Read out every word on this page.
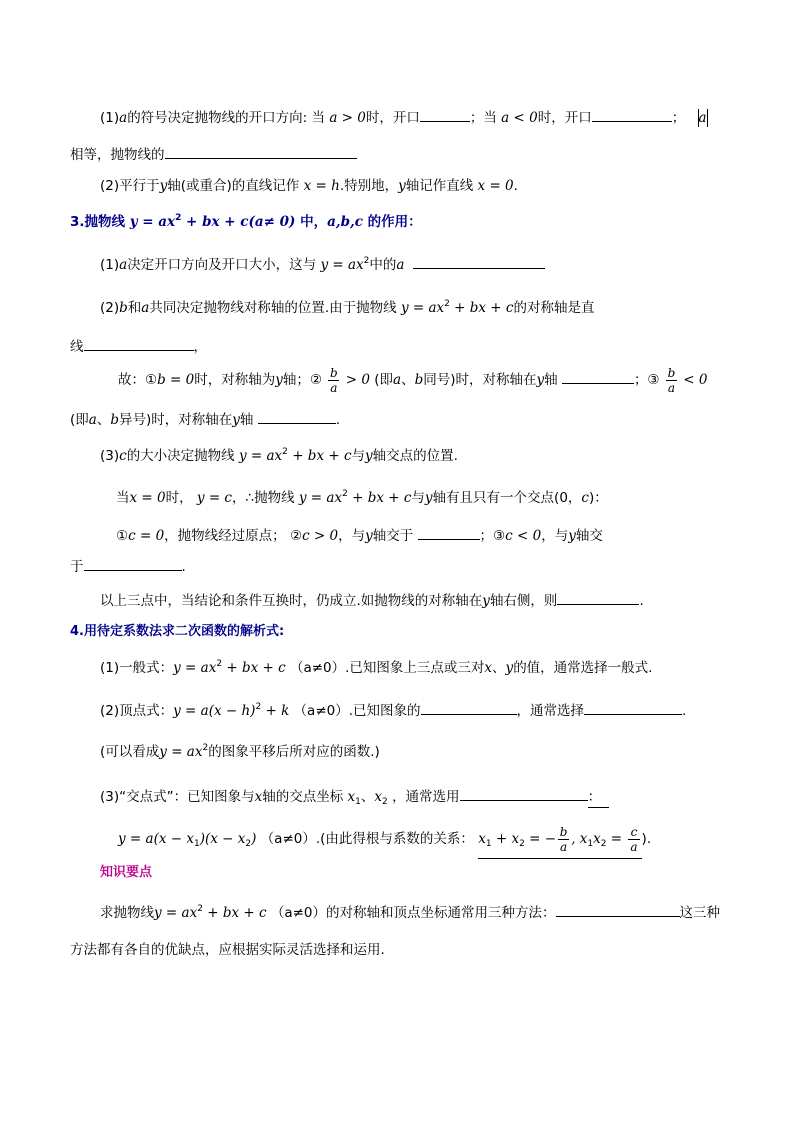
(1)a的符号决定抛物线的开口方向: 当 a > 0时，开口	；当 a < 0时，开口	； a
相等，抛物线的
(2)平行于y轴(或重合)的直线记作 x = h.特别地，y轴记作直线 x = 0.
3.抛物线 $y = ax^2$ + bx + c(a≠ 0) 中，a,b,c 的作用：
(1)a决定开口方向及开口大小，这与 $y = ax^2$中的a
(2)b和a共同决定抛物线对称轴的位置.由于抛物线 $y = ax^2$ + bx + c的对称轴是直
线	，
故：①b = 0时，对称轴为y轴；② $\frac{b}{a} > 0$ (即a、b同号)时，对称轴在y轴	；③ $\frac{b}{a} < 0$
(即a、b异号)时，对称轴在y轴	.
(3)c的大小决定抛物线 $y = ax^2$ + bx + c与y轴交点的位置.
当x = 0时， y = c，∴抛物线 $y = ax^2$ + bx + c与y轴有且只有一个交点(0，c)：
①c = 0，抛物线经过原点； ②c > 0，与y轴交于	；③c < 0，与y轴交
于	.
以上三点中，当结论和条件互换时，仍成立.如抛物线的对称轴在y轴右侧，则	.
4.用待定系数法求二次函数的解析式:
(1)一般式：$y = ax^2$ + bx + c （a≠0）.已知图象上三点或三对x、y的值，通常选择一般式.
(2)顶点式：$y = a(x - h)^2 + k$ （a≠0）.已知图象的	，通常选择	.
(可以看成$y = ax^2$的图象平移后所对应的函数.)
(3)“交点式”：已知图象与x轴的交点坐标 $x_1$、$x_2$ ，通常选用	：
$y = a(x - x_1)(x - x_2)$ （a≠0）.(由此得根与系数的关系： $x_1 + x_2$ = − $\frac{b}{a}$ , $x_1x_2 = \frac{c}{a}$ ).
知识要点
求抛物线$y = ax^2$ + bx + c （a≠0）的对称轴和顶点坐标通常用三种方法：	这三种
方法都有各自的优缺点，应根据实际灵活选择和运用.
